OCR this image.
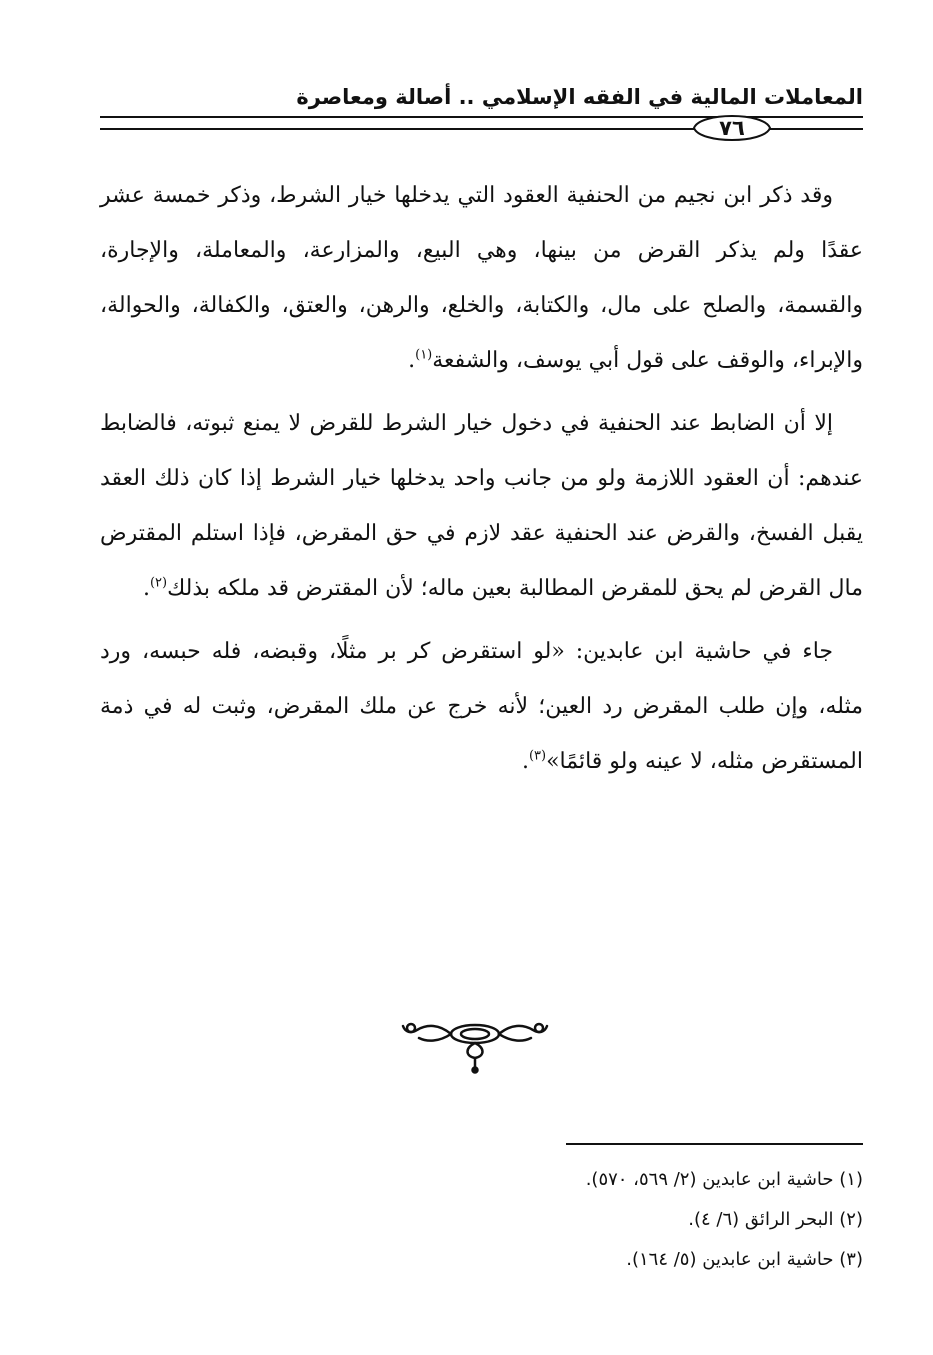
المعاملات المالية في الفقه الإسلامي .. أصالة ومعاصرة
٧٦

وقد ذكر ابن نجيم من الحنفية العقود التي يدخلها خيار الشرط، وذكر خمسة عشر عقدًا ولم يذكر القرض من بينها، وهي البيع، والمزارعة، والمعاملة، والإجارة، والقسمة، والصلح على مال، والكتابة، والخلع، والرهن، والعتق، والكفالة، والحوالة، والإبراء، والوقف على قول أبي يوسف، والشفعة$^{(١)}$.

إلا أن الضابط عند الحنفية في دخول خيار الشرط للقرض لا يمنع ثبوته، فالضابط عندهم: أن العقود اللازمة ولو من جانب واحد يدخلها خيار الشرط إذا كان ذلك العقد يقبل الفسخ، والقرض عند الحنفية عقد لازم في حق المقرض، فإذا استلم المقترض مال القرض لم يحق للمقرض المطالبة بعين ماله؛ لأن المقترض قد ملكه بذلك$^{(٢)}$.

جاء في حاشية ابن عابدين: «لو استقرض كر بر مثلًا، وقبضه، فله حبسه، ورد مثله، وإن طلب المقرض رد العين؛ لأنه خرج عن ملك المقرض، وثبت له في ذمة المستقرض مثله، لا عينه ولو قائمًا»$^{(٣)}$.

(١) حاشية ابن عابدين (٢/ ٥٦٩، ٥٧٠).
(٢) البحر الرائق (٦/ ٤).
(٣) حاشية ابن عابدين (٥/ ١٦٤).
